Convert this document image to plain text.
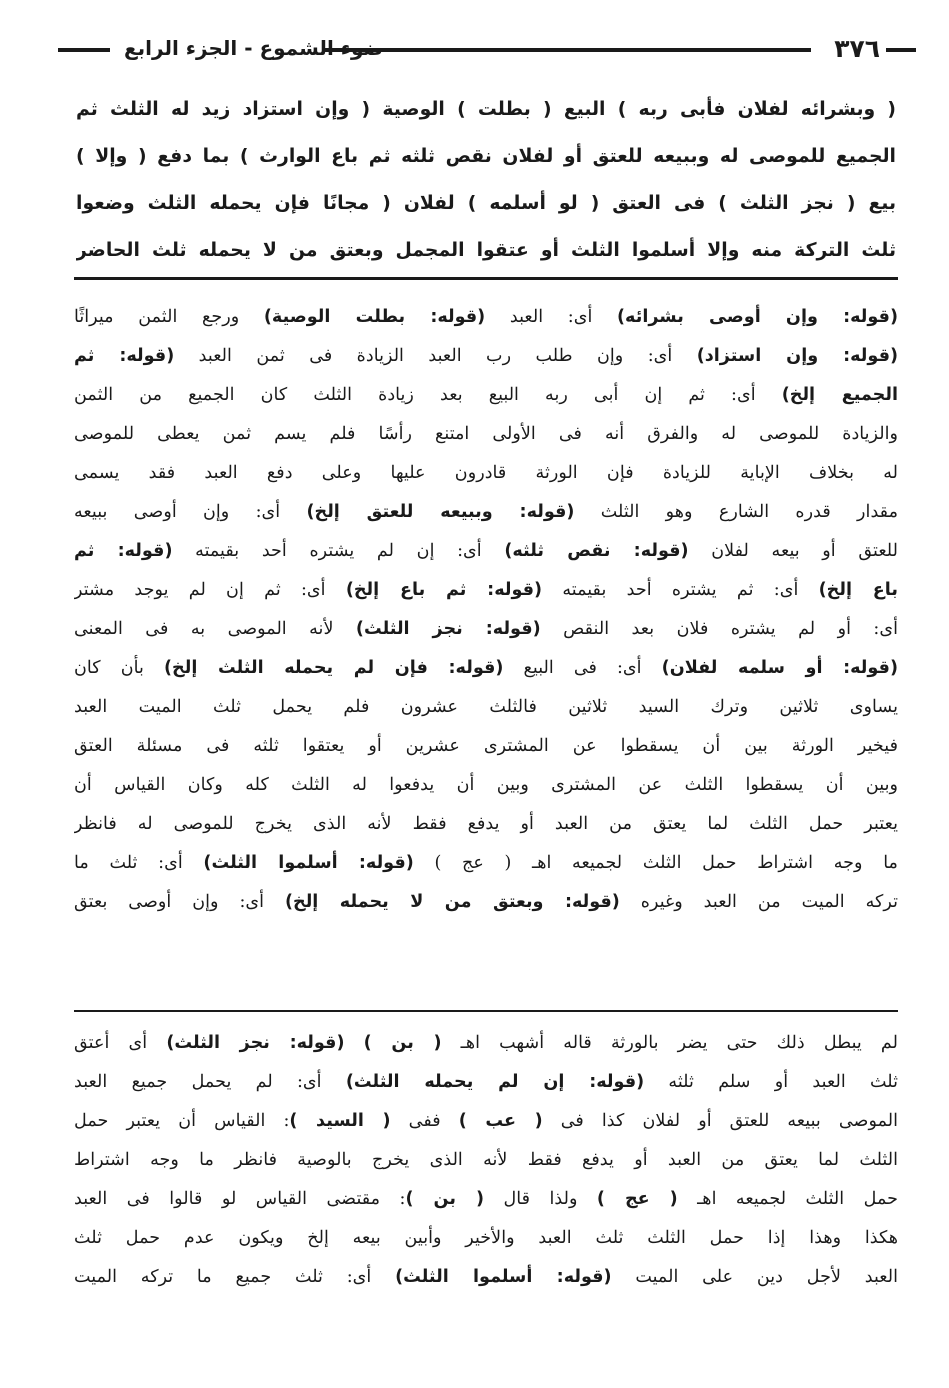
٣٧٦
ضوء الشموع - الجزء الرابع
( وبشرائه لفلان فأبى ربه ) البيع ( بطلت ) الوصية ( وإن استزاد زيد له الثلث ثم
الجميع للموصى له وببيعه للعتق أو لفلان نقص ثلثه ثم باع الوارث ) بما دفع ( وإلا )
بيع ( نجز الثلث ) فى العتق ( لو أسلمه ) لفلان ( مجانًا فإن يحمله الثلث وضعوا
ثلث التركة منه وإلا أسلموا الثلث أو عتقوا المجمل وبعتق من لا يحمله ثلث الحاضر
(قوله: وإن أوصى بشرائه) أى: العبد (قوله: بطلت الوصية) ورجع الثمن ميراثًا
(قوله: وإن استزاد) أى: وإن طلب رب العبد الزيادة فى ثمن العبد (قوله: ثم
الجميع إلخ) أى: ثم إن أبى ربه البيع بعد زيادة الثلث كان الجميع من الثمن
والزيادة للموصى له والفرق أنه فى الأولى امتنع رأسًا فلم يسم ثمن يعطى للموصى
له بخلاف الإباية للزيادة فإن الورثة قادرون عليها وعلى دفع العبد فقد يسمى
مقدار قدره الشارع وهو الثلث (قوله: وببيعه للعتق إلخ) أى: وإن أوصى ببيعه
للعتق أو بيعه لفلان (قوله: نقص ثلثه) أى: إن لم يشتره أحد بقيمته (قوله: ثم
باع إلخ) أى: ثم يشتره أحد بقيمته (قوله: ثم باع إلخ) أى: ثم إن لم يوجد مشتر
أى: أو لم يشتره فلان بعد النقص (قوله: نجز الثلث) لأنه الموصى به فى المعنى
(قوله: أو سلمه لفلان) أى: فى البيع (قوله: فإن لم يحمله الثلث إلخ) بأن كان
يساوى ثلاثين وترك السيد ثلاثين فالثلث عشرون فلم يحمل ثلث الميت العبد
فيخير الورثة بين أن يسقطوا عن المشترى عشرين أو يعتقوا ثلثه فى مسئلة العتق
وبين أن يسقطوا الثلث عن المشترى وبين أن يدفعوا له الثلث كله وكان القياس أن
يعتبر حمل الثلث لما يعتق من العبد أو يدفع فقط لأنه الذى يخرج للموصى له فانظر
ما وجه اشتراط حمل الثلث لجميعه اهـ ( عج ) (قوله: أسلموا الثلث) أى: ثلث ما
تركه الميت من العبد وغيره (قوله: وبعتق من لا يحمله إلخ) أى: وإن أوصى بعتق
لم يبطل ذلك حتى يضر بالورثة قاله أشهب اهـ ( بن ) (قوله: نجز الثلث) أى أعتق
ثلث العبد أو سلم ثلثه (قوله: إن لم يحمله الثلث) أى: لم يحمل جميع العبد
الموصى ببيعه للعتق أو لفلان كذا فى ( عب ) ففى ( السيد ): القياس أن يعتبر حمل
الثلث لما يعتق من العبد أو يدفع فقط لأنه الذى يخرج بالوصية فانظر ما وجه اشتراط
حمل الثلث لجميعه اهـ ( عج ) ولذا قال ( بن ): مقتضى القياس لو قالوا فى العبد
هكذا وهذا إذا حمل الثلث ثلث العبد والأخير وأبين بيعه إلخ ويكون عدم حمل ثلث
العبد لأجل دين على الميت (قوله: أسلموا الثلث) أى: ثلث جميع ما تركه الميت
